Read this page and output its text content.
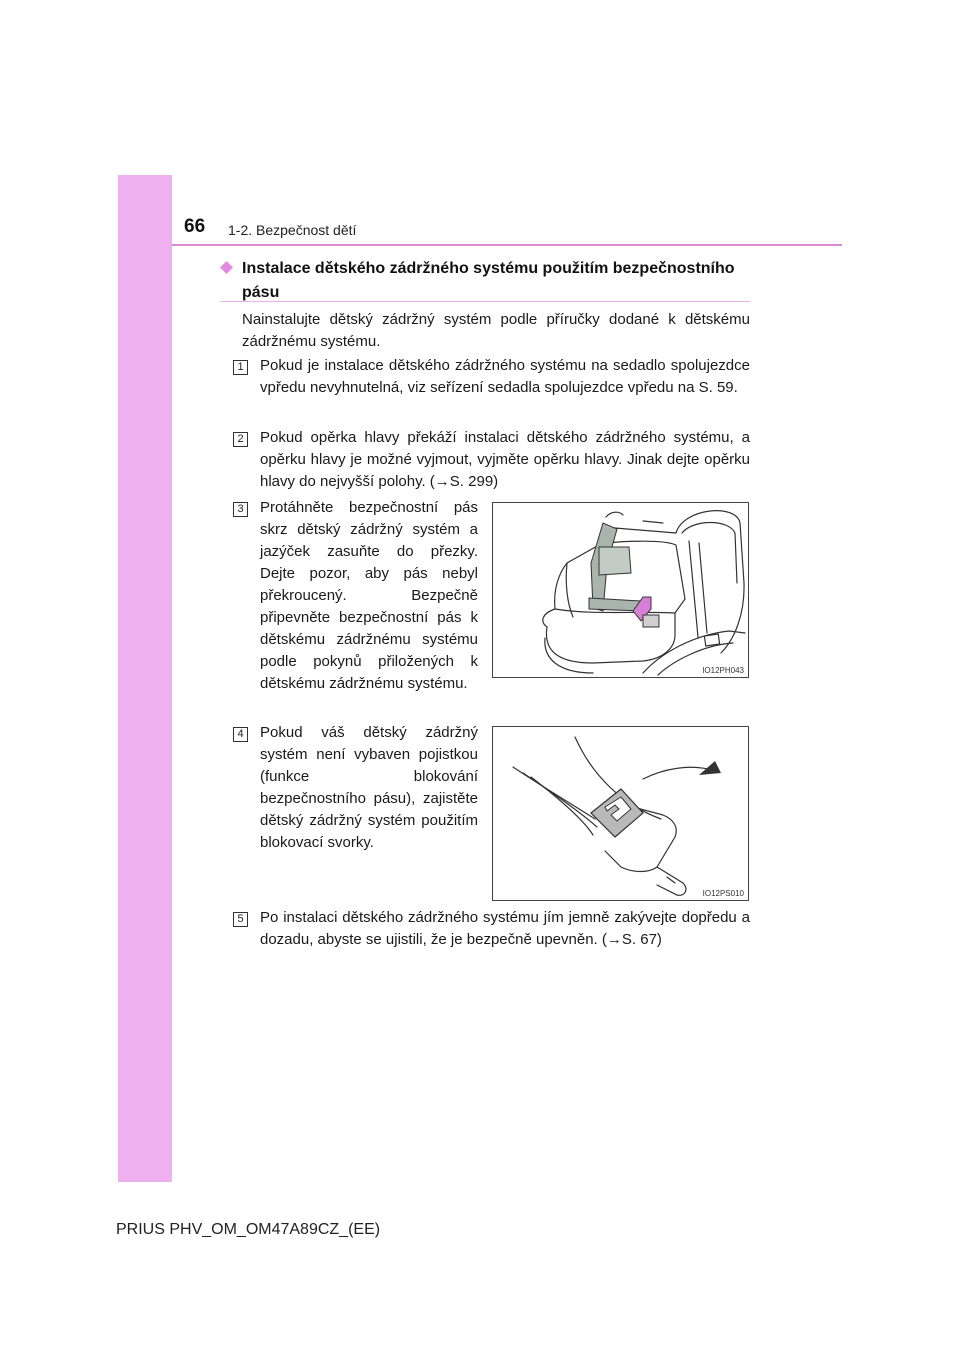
66 1-2. Bezpečnost dětí
Instalace dětského zádržného systému použitím bezpečnostního pásu
Nainstalujte dětský zádržný systém podle příručky dodané k dětskému zádržnému systému.
1 Pokud je instalace dětského zádržného systému na sedadlo spolujezdce vpředu nevyhnutelná, viz seřízení sedadla spolujezdce vpředu na S. 59.
2 Pokud opěrka hlavy překáží instalaci dětského zádržného systému, a opěrku hlavy je možné vyjmout, vyjměte opěrku hlavy. Jinak dejte opěrku hlavy do nejvyšší polohy. (→S. 299)
3 Protáhněte bezpečnostní pás skrz dětský zádržný systém a jazýček zasuňte do přezky. Dejte pozor, aby pás nebyl překroucený. Bezpečně připevněte bezpečnostní pás k dětskému zádržnému systému podle pokynů přiložených k dětskému zádržnému systému.
IO12PH043
4 Pokud váš dětský zádržný systém není vybaven pojistkou (funkce blokování bezpečnostního pásu), zajistěte dětský zádržný systém použitím blokovací svorky.
IO12PS010
5 Po instalaci dětského zádržného systému jím jemně zakývejte dopředu a dozadu, abyste se ujistili, že je bezpečně upevněn. (→S. 67)
PRIUS PHV_OM_OM47A89CZ_(EE)
